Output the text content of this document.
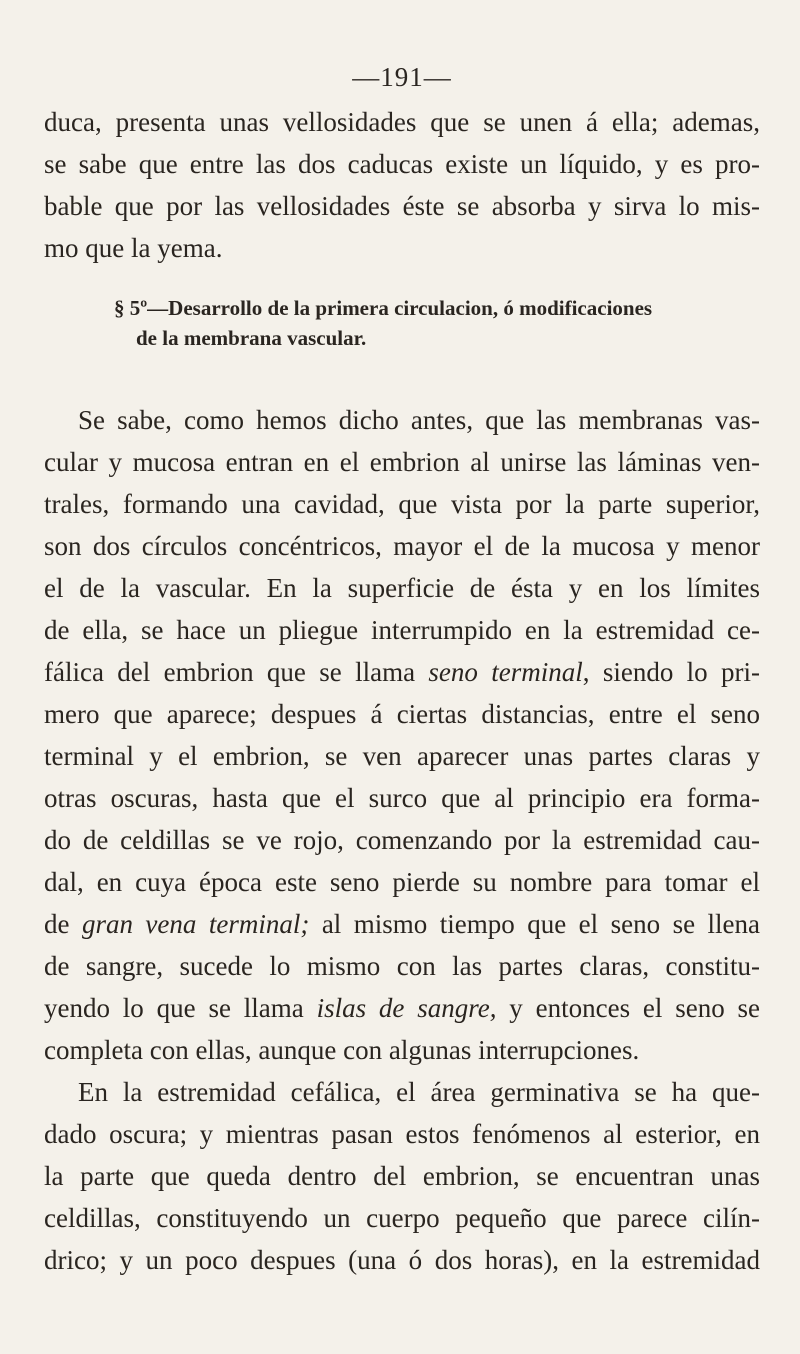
—191—
duca, presenta unas vellosidades que se unen á ella; ademas,
se sabe que entre las dos caducas existe un líquido, y es pro-
bable que por las vellosidades éste se absorba y sirva lo mis-
mo que la yema.
§ 5º—Desarrollo de la primera circulacion, ó modificaciones
de la membrana vascular.
Se sabe, como hemos dicho antes, que las membranas vas-
cular y mucosa entran en el embrion al unirse las láminas ven-
trales, formando una cavidad, que vista por la parte superior,
son dos círculos concéntricos, mayor el de la mucosa y menor
el de la vascular. En la superficie de ésta y en los límites
de ella, se hace un pliegue interrumpido en la estremidad ce-
fálica del embrion que se llama seno terminal, siendo lo pri-
mero que aparece; despues á ciertas distancias, entre el seno
terminal y el embrion, se ven aparecer unas partes claras y
otras oscuras, hasta que el surco que al principio era forma-
do de celdillas se ve rojo, comenzando por la estremidad cau-
dal, en cuya época este seno pierde su nombre para tomar el
de gran vena terminal; al mismo tiempo que el seno se llena
de sangre, sucede lo mismo con las partes claras, constitu-
yendo lo que se llama islas de sangre, y entonces el seno se
completa con ellas, aunque con algunas interrupciones.
En la estremidad cefálica, el área germinativa se ha que-
dado oscura; y mientras pasan estos fenómenos al esterior, en
la parte que queda dentro del embrion, se encuentran unas
celdillas, constituyendo un cuerpo pequeño que parece cilín-
drico; y un poco despues (una ó dos horas), en la estremidad
